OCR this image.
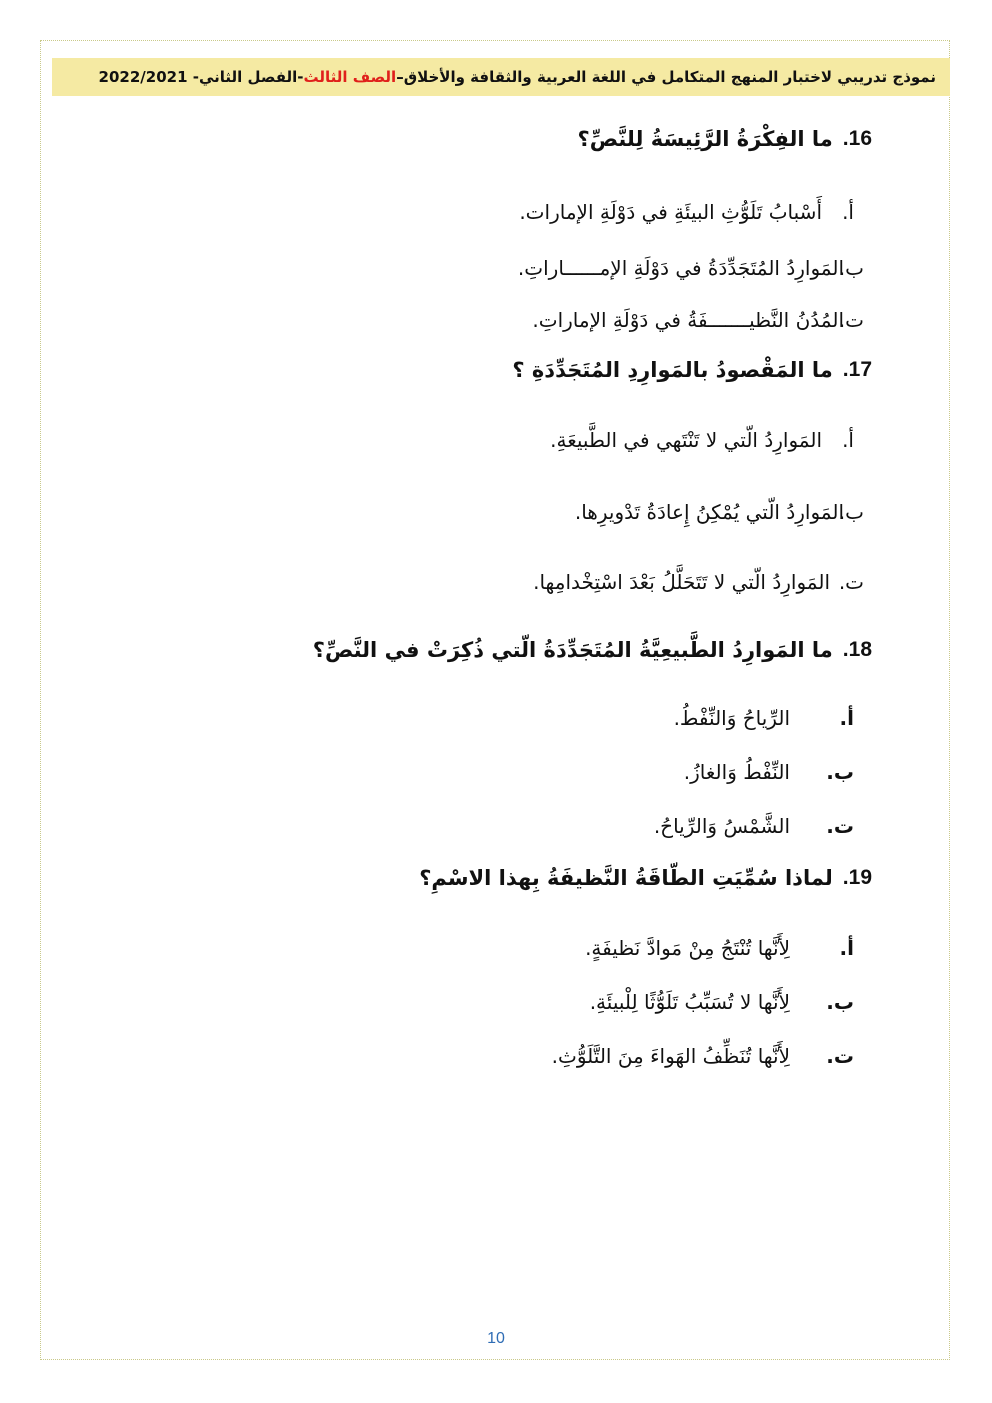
نموذج تدريبي لاختبار المنهج المتكامل في اللغة العربية والثقافة والأخلاق–
الصف الثالث
-الفصل الثاني- 2022/2021
16.
ما الفِكْرَةُ الرَّئِيسَةُ لِلنَّصِّ؟
أ.
أَسْبابُ تَلَوُّثِ البيئَةِ في دَوْلَةِ الإمارات.
ب.
المَوارِدُ المُتَجَدِّدَةُ في دَوْلَةِ الإمــــــاراتِ.
ت.
المُدُنُ النَّظيـــــــفَةُ في دَوْلَةِ الإماراتِ.
17.
ما المَقْصودُ بالمَوارِدِ المُتَجَدِّدَةِ ؟
أ.
المَوارِدُ الّتي لا تَنْتَهي في الطَّبيعَةِ.
ب.
المَوارِدُ الّتي يُمْكِنُ إِعادَةُ تَدْويرِها.
ت.
المَوارِدُ الّتي لا تَتَحَلَّلُ بَعْدَ اسْتِخْدامِها.
18.
ما المَوارِدُ الطَّبيعِيَّةُ المُتَجَدِّدَةُ الّتي ذُكِرَتْ في النَّصِّ؟
أ.
الرِّياحُ وَالنِّفْطُ.
ب.
النِّفْطُ وَالغازُ.
ت.
الشَّمْسُ وَالرِّياحُ.
19.
لماذا سُمِّيَتِ الطّاقَةُ النَّظيفَةُ بِهذا الاسْمِ؟
أ.
لِأَنَّها تُنْتَجُ مِنْ مَوادَّ نَظيفَةٍ.
ب.
لِأَنَّها لا تُسَبِّبُ تَلَوُّثًا لِلْبيئَةِ.
ت.
لِأَنَّها تُنَظِّفُ الهَواءَ مِنَ التَّلَوُّثِ.
10
